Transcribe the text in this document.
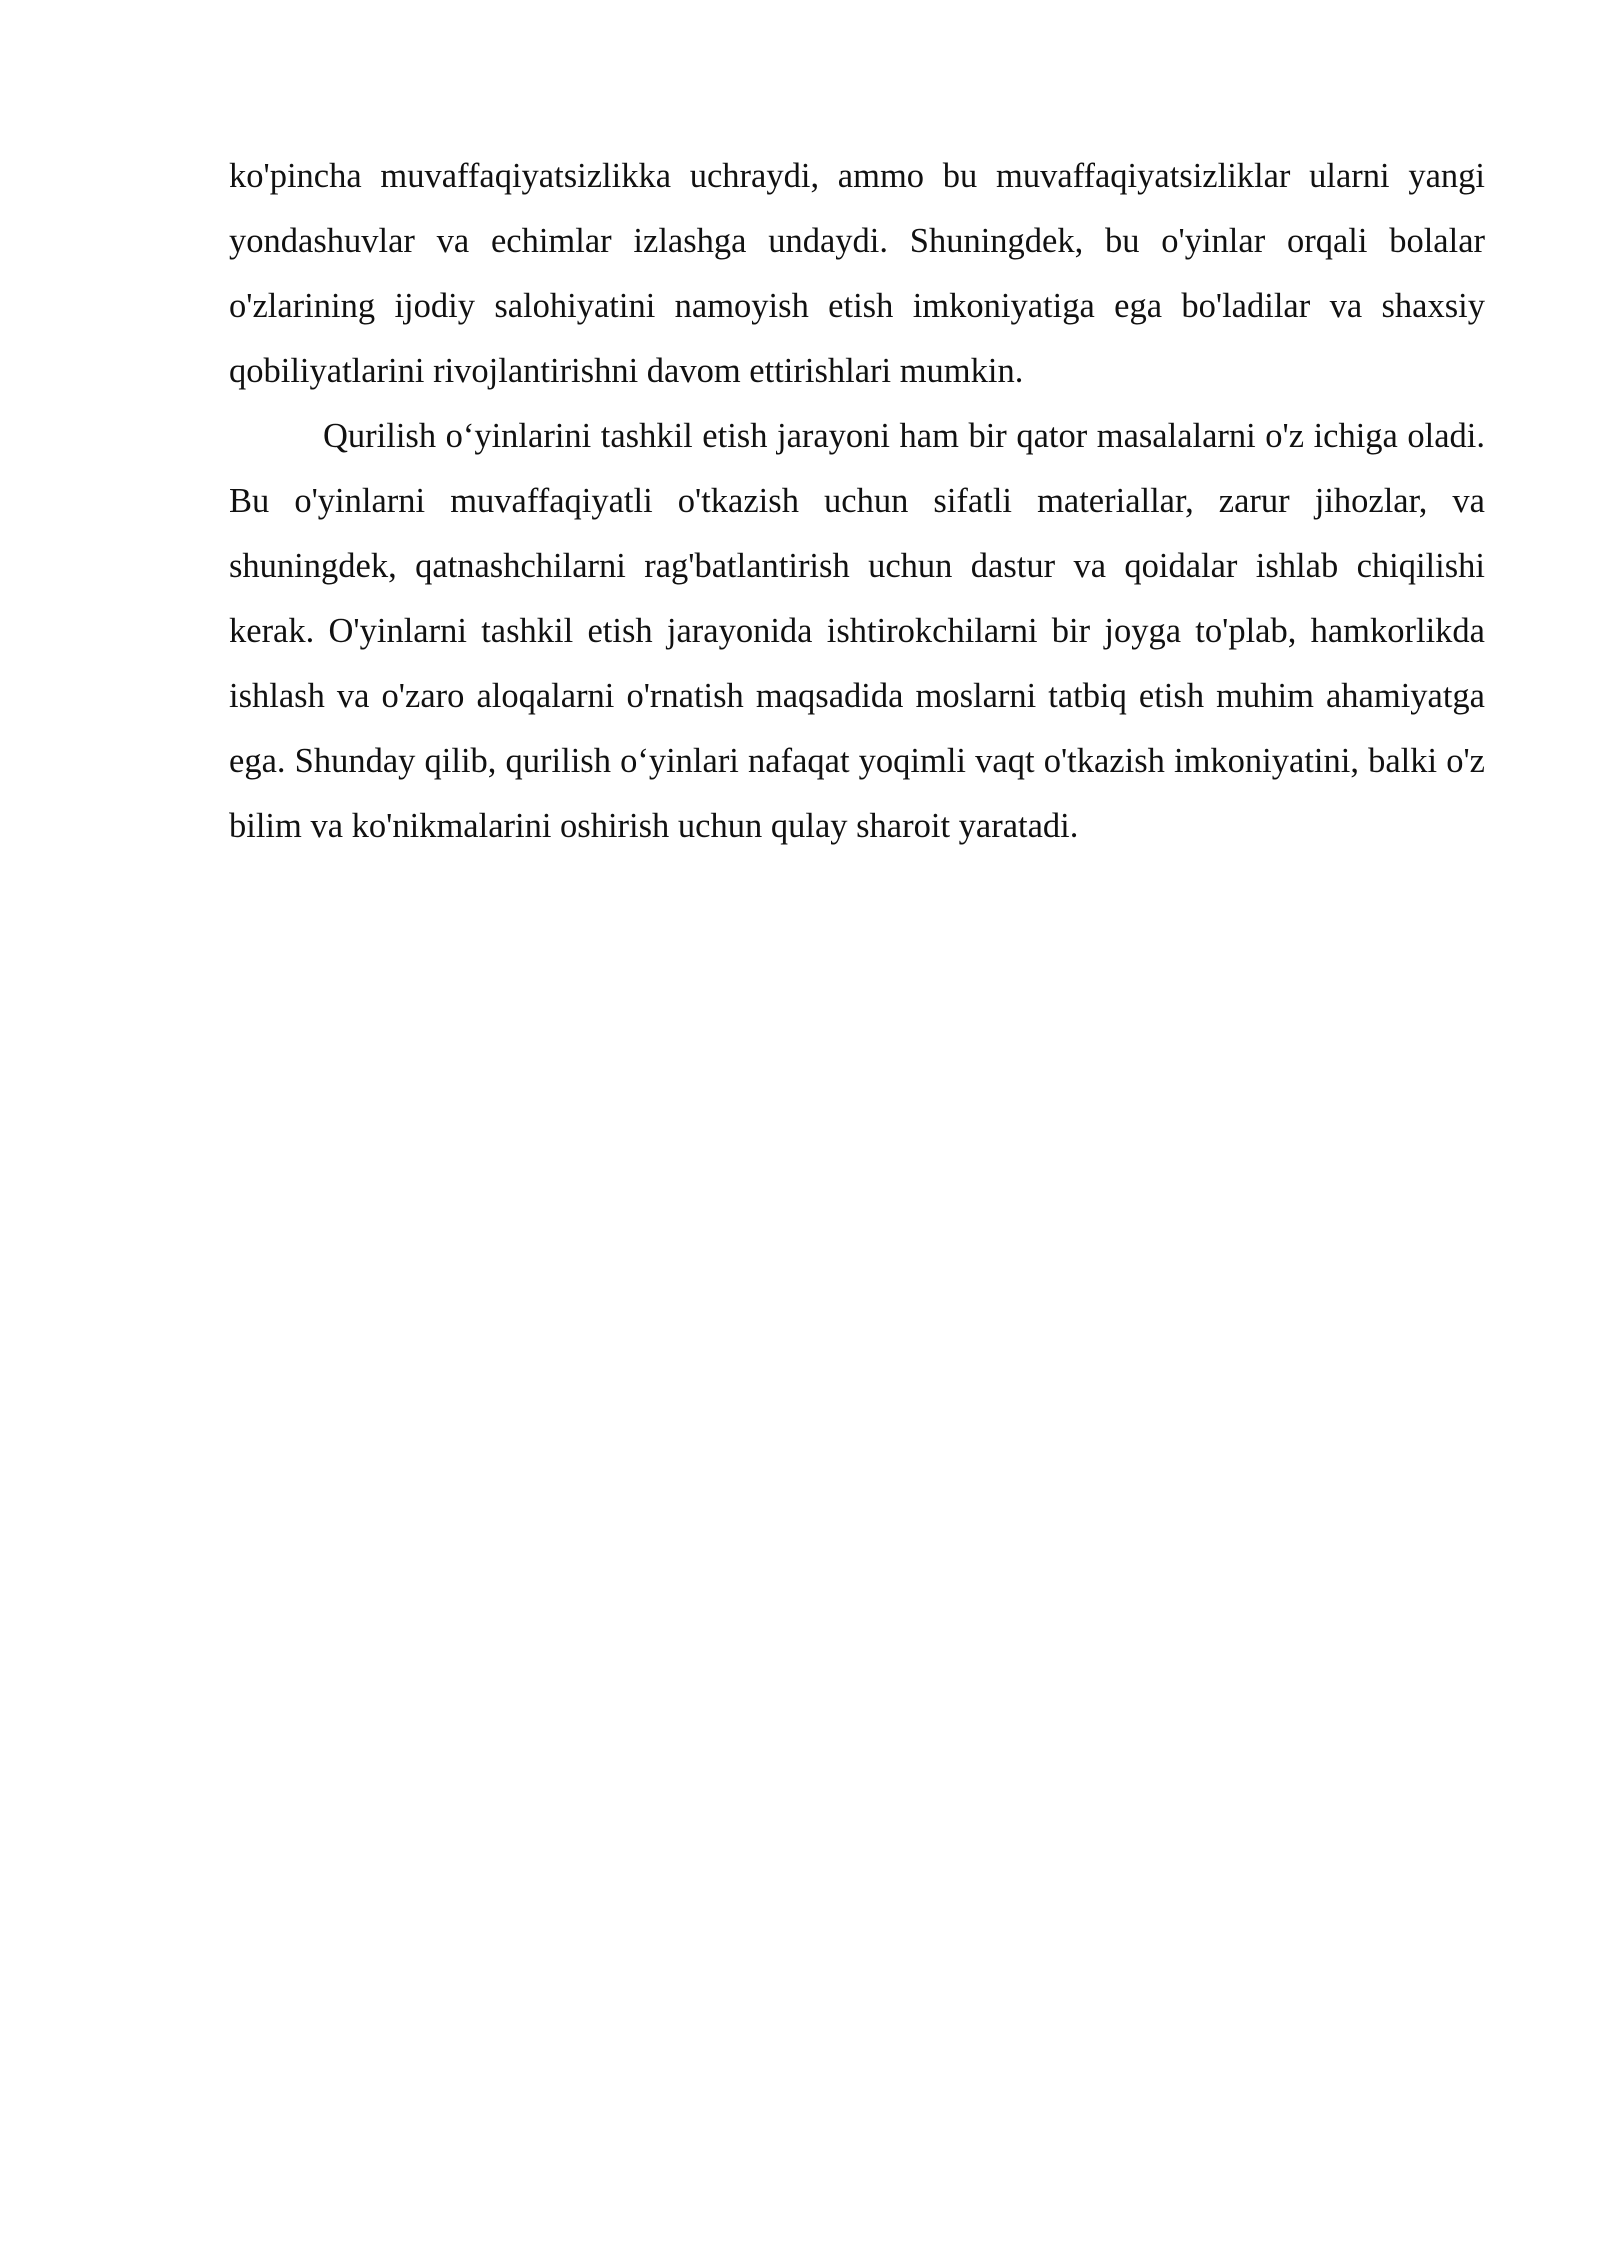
ko'pincha muvaffaqiyatsizlikka uchraydi, ammo bu muvaffaqiyatsizliklar ularni yangi yondashuvlar va echimlar izlashga undaydi. Shuningdek, bu o'yinlar orqali bolalar o'zlarining ijodiy salohiyatini namoyish etish imkoniyatiga ega bo'ladilar va shaxsiy qobiliyatlarini rivojlantirishni davom ettirishlari mumkin.

Qurilish o‘yinlarini tashkil etish jarayoni ham bir qator masalalarni o'z ichiga oladi. Bu o'yinlarni muvaffaqiyatli o'tkazish uchun sifatli materiallar, zarur jihozlar, va shuningdek, qatnashchilarni rag'batlantirish uchun dastur va qoidalar ishlab chiqilishi kerak. O'yinlarni tashkil etish jarayonida ishtirokchilarni bir joyga to'plab, hamkorlikda ishlash va o'zaro aloqalarni o'rnatish maqsadida moslarni tatbiq etish muhim ahamiyatga ega. Shunday qilib, qurilish o‘yinlari nafaqat yoqimli vaqt o'tkazish imkoniyatini, balki o'z bilim va ko'nikmalarini oshirish uchun qulay sharoit yaratadi.
